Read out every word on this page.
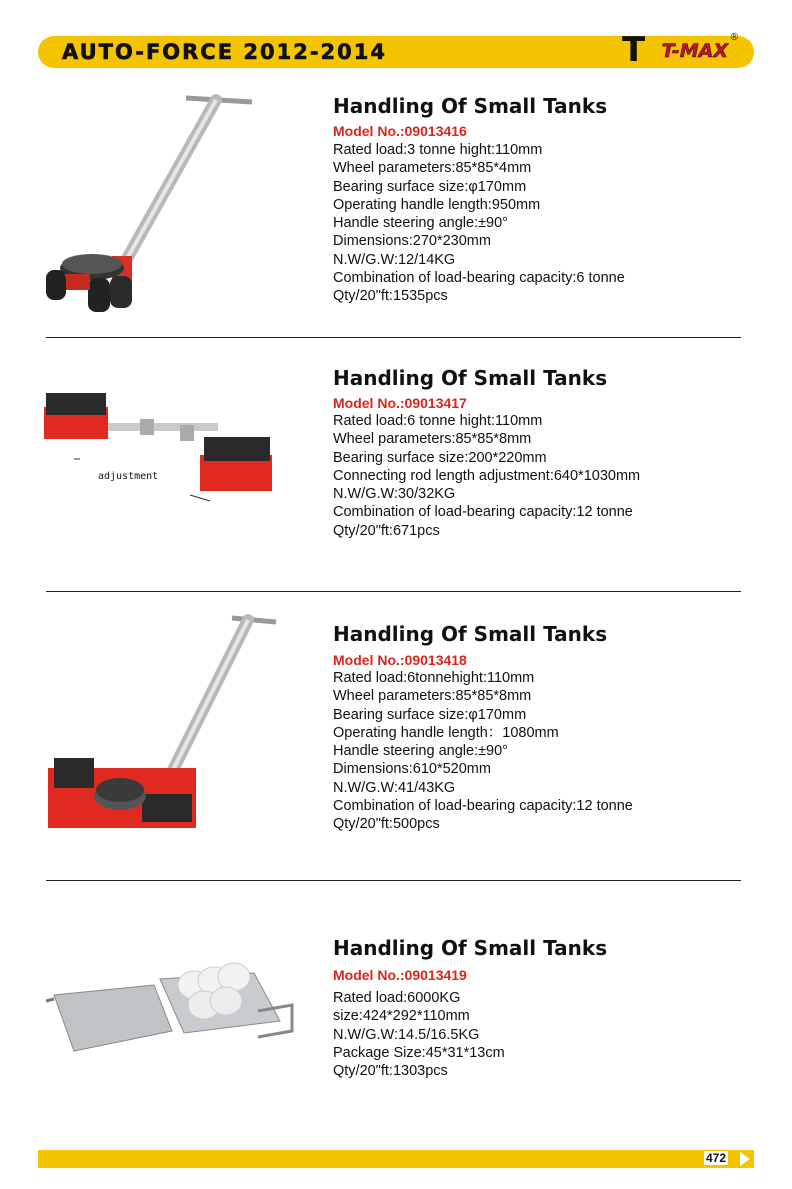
AUTO-FORCE 2012-2014	T T-MAX
®
Handling Of Small Tanks
Model No.:09013416
Rated load:3 tonne hight:110mm
Wheel parameters:85*85*4mm
Bearing surface size:φ170mm
Operating handle length:950mm
Handle steering angle:±90°
Dimensions:270*230mm
N.W/G.W:12/14KG
Combination of load-bearing capacity:6 tonne
Qty/20"ft:1535pcs
adjustment
Handling Of Small Tanks
Model No.:09013417
Rated load:6 tonne hight:110mm
Wheel parameters:85*85*8mm
Bearing surface size:200*220mm
Connecting rod length adjustment:640*1030mm
N.W/G.W:30/32KG
Combination of load-bearing capacity:12 tonne
Qty/20"ft:671pcs
Handling Of Small Tanks
Model No.:09013418
Rated load:6tonnehight:110mm
Wheel parameters:85*85*8mm
Bearing surface size:φ170mm
Operating handle length：1080mm
Handle steering angle:±90°
Dimensions:610*520mm
N.W/G.W:41/43KG
Combination of load-bearing capacity:12 tonne
Qty/20"ft:500pcs
Handling Of Small Tanks
Model No.:09013419
Rated load:6000KG
size:424*292*110mm
N.W/G.W:14.5/16.5KG
Package Size:45*31*13cm
Qty/20"ft:1303pcs
472
